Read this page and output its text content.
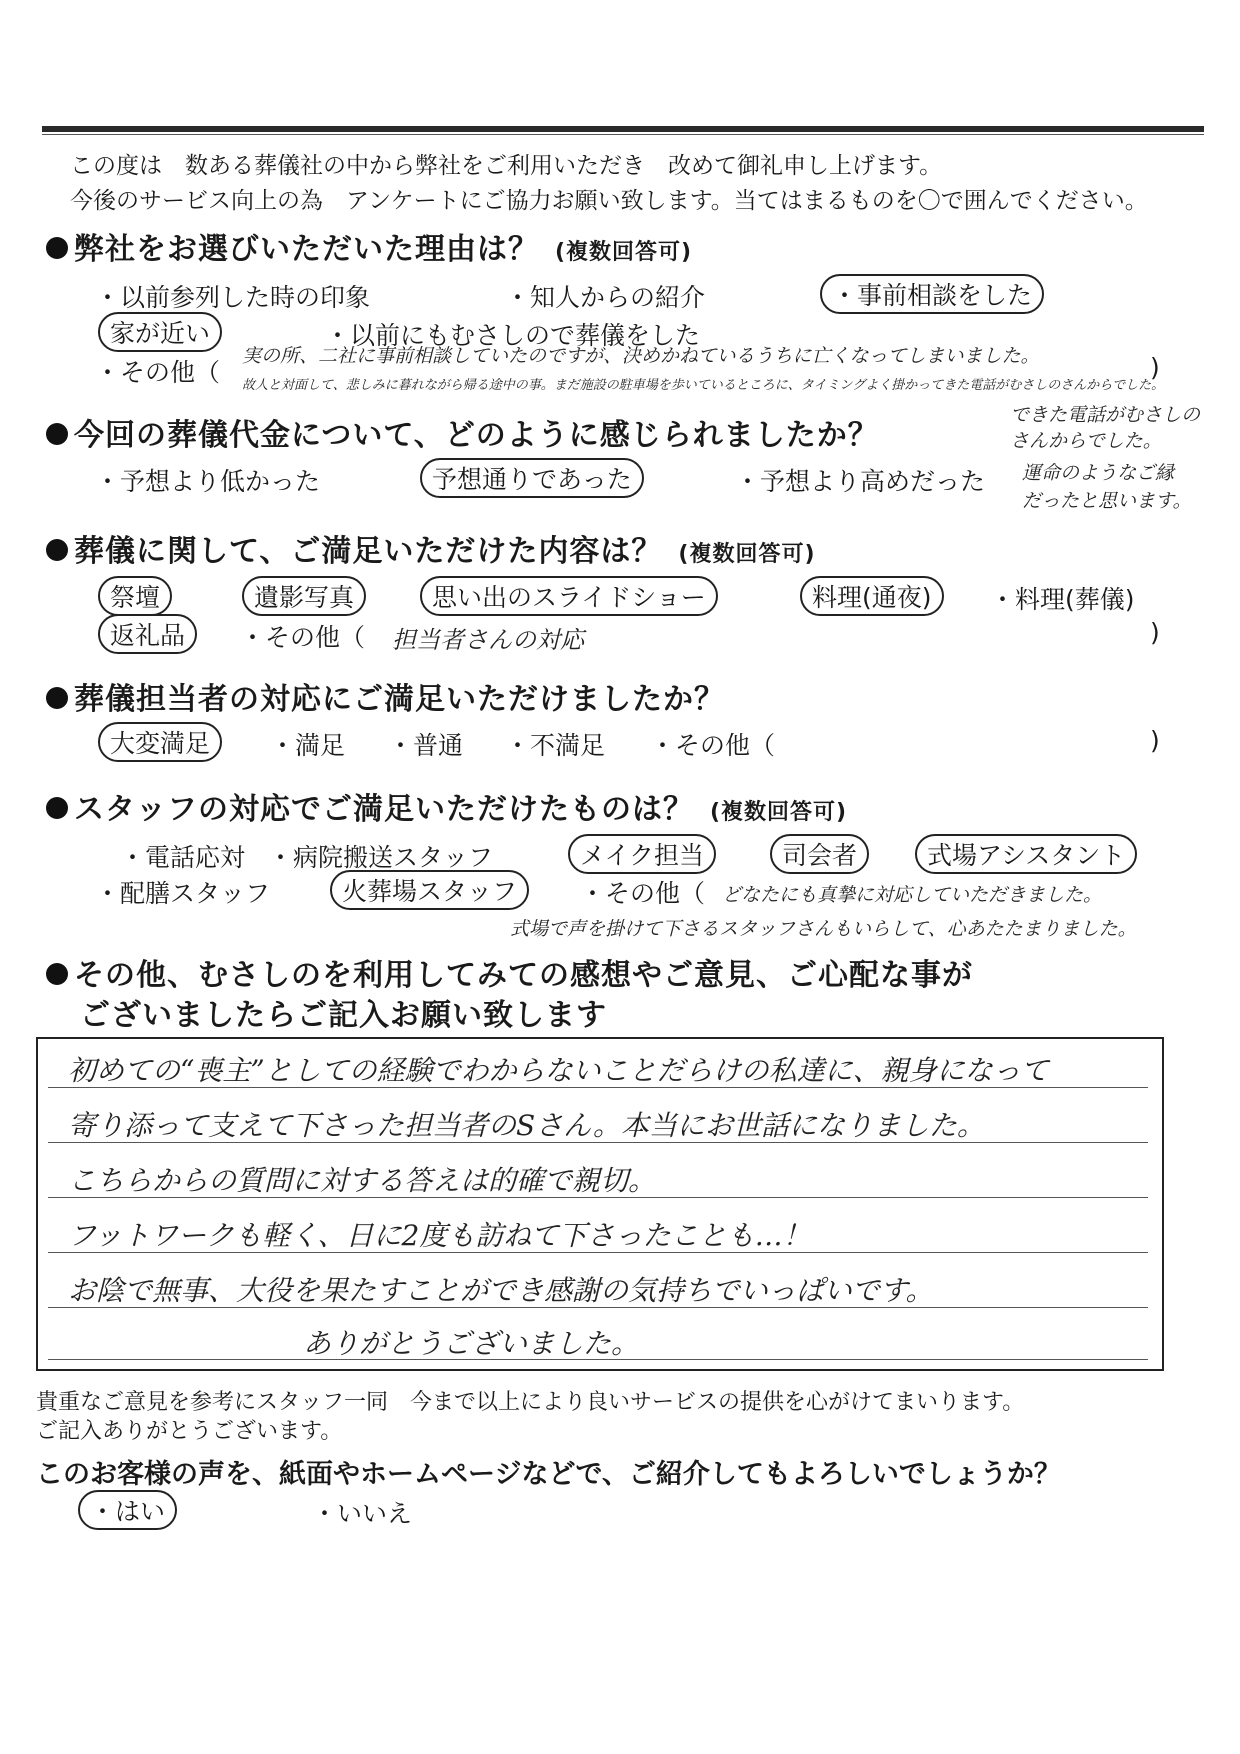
この度は　数ある葬儀社の中から弊社をご利用いただき　改めて御礼申し上げます。
今後のサービス向上の為　アンケートにご協力お願い致します。当てはまるものを〇で囲んでください。
弊社をお選びいただいた理由は？ (複数回答可)
・以前参列した時の印象	・知人からの紹介	・事前相談をした
家が近い	・以前にもむさしので葬儀をした
・その他（
実の所、二社に事前相談していたのですが、決めかねているうちに亡くなってしまいました。	)
故人と対面して、悲しみに暮れながら帰る途中の事。まだ施設の駐車場を歩いているところに、タイミングよく掛かってきた電話がむさしのさんからでした。
今回の葬儀代金について、どのように感じられましたか？
・予想より低かった	予想通りであった	・予想より高めだった
できた電話がむさしの
さんからでした。
運命のようなご縁
だったと思います。
葬儀に関して、ご満足いただけた内容は？ (複数回答可)
祭壇	遺影写真	思い出のスライドショー	料理(通夜)	・料理(葬儀)
返礼品	・その他（ 担当者さんの対応	)
葬儀担当者の対応にご満足いただけましたか？
大変満足	・満足 ・普通 ・不満足 ・その他（	)
スタッフの対応でご満足いただけたものは？ (複数回答可)
・電話応対 ・病院搬送スタッフ	メイク担当	司会者	式場アシスタント
・配膳スタッフ	火葬場スタッフ	・その他（ どなたにも真摯に対応していただきました。
式場で声を掛けて下さるスタッフさんもいらして、心あたたまりました。
その他、むさしのを利用してみての感想やご意見、ご心配な事が
ございましたらご記入お願い致します
初めての“喪主”としての経験でわからないことだらけの私達に、親身になって
寄り添って支えて下さった担当者のSさん。本当にお世話になりました。
こちらからの質問に対する答えは的確で親切。
フットワークも軽く、日に2度も訪ねて下さったことも…！
お陰で無事、大役を果たすことができ感謝の気持ちでいっぱいです。
ありがとうございました。
貴重なご意見を参考にスタッフ一同　今まで以上により良いサービスの提供を心がけてまいります。
ご記入ありがとうございます。
このお客様の声を、紙面やホームページなどで、ご紹介してもよろしいでしょうか？
・はい	・いいえ
